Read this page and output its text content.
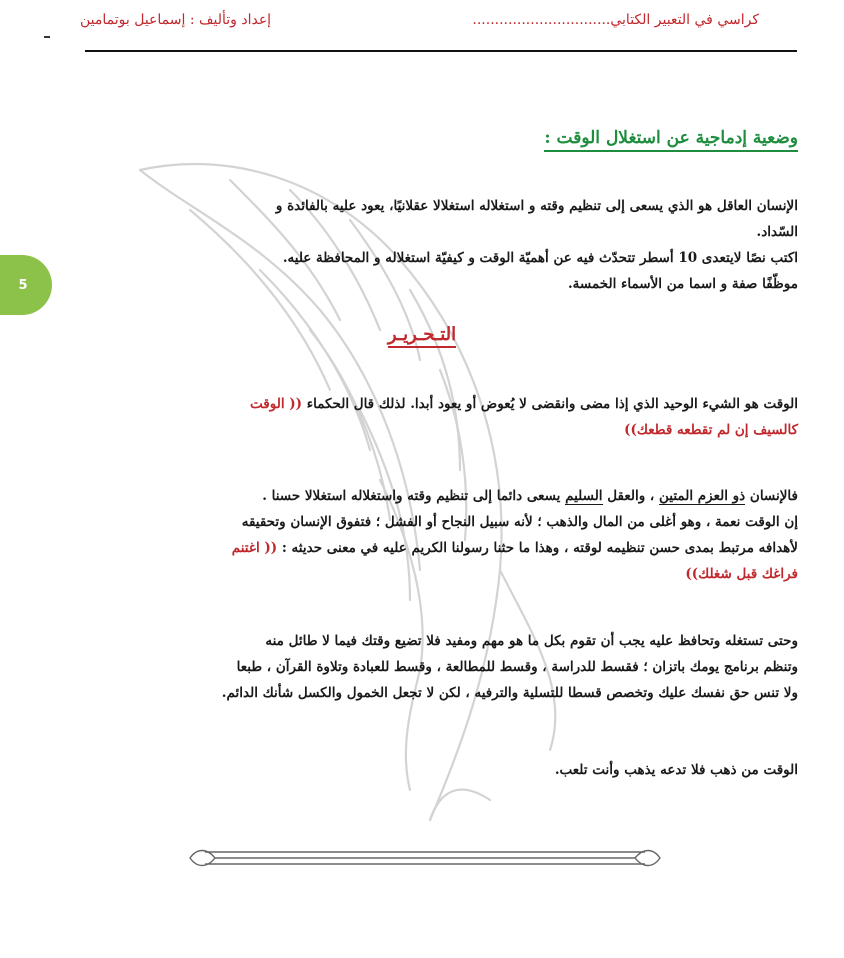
كراسي في التعبير الكتابي...............................
إعداد وتأليف : إسماعيل بوتمامين
5
وضعية إدماجية عن استغلال الوقت :
الإنسان العاقل هو الذي يسعى إلى تنظيم وقته و استغلاله استغلالا عقلانيًا، يعود عليه بالفائدة و
السّداد.
اكتب نصًا لايتعدى 10 أسطر تتحدّث فيه عن أهميّة الوقت و كيفيّة استغلاله و المحافظة عليه.
موظّفًا صفة و اسما من الأسماء الخمسة.
التـحـريـر
الوقت هو الشيء الوحيد الذي إذا مضى وانقضى لا يُعوض أو يعود أبدا. لذلك قال الحكماء (( الوقت
كالسيف إن لم تقطعه قطعك))
فالإنسان ذو العزم المتين ، والعقل السليم يسعى دائما إلى تنظيم وقته واستغلاله استغلالا حسنا .
إن الوقت نعمة ، وهو أغلى من المال والذهب ؛ لأنه سبيل النجاح أو الفشل ؛ فتفوق الإنسان وتحقيقه
لأهدافه مرتبط بمدى حسن تنظيمه لوقته ، وهذا ما حثنا رسولنا الكريم عليه في معنى حديثه : (( اغتنم
فراغك قبل شغلك))
وحتى تستغله وتحافظ عليه يجب أن تقوم بكل ما هو مهم ومفيد فلا تضيع وقتك فيما لا طائل منه
وتنظم برنامج يومك باتزان ؛ فقسط للدراسة ، وقسط للمطالعة ، وقسط للعبادة وتلاوة القرآن ، طبعا
ولا تنس حق نفسك عليك وتخصص قسطا للتسلية والترفيه ، لكن لا تجعل الخمول والكسل شأنك الدائم.
الوقت من ذهب فلا تدعه يذهب وأنت تلعب.
